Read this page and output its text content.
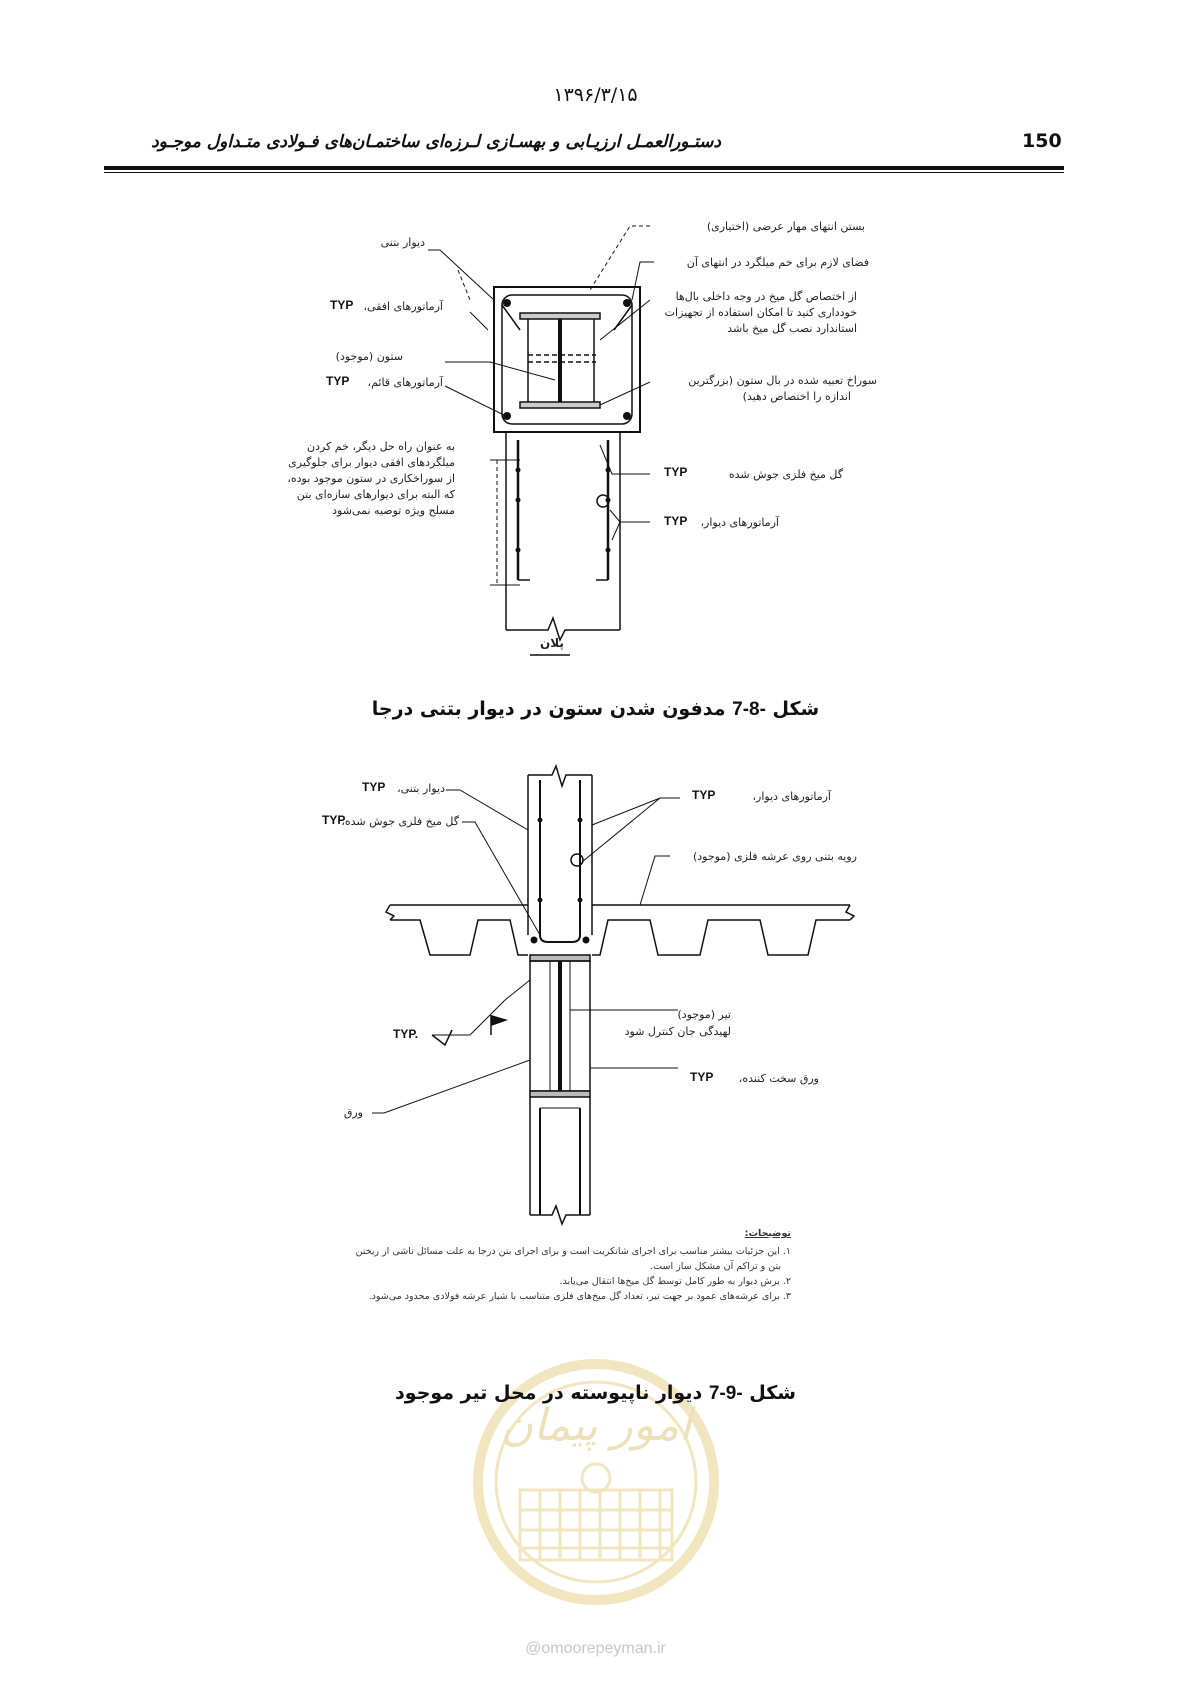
۱۳۹۶/۳/۱۵
دستـورالعمـل ارزیـابی و بهسـازی لـرزه‌ای ساختمـان‌های فـولادی متـداول موجـود	150
امور پیمان
دیوار بتنی
آرماتورهای افقی،
TYP
ستون (موجود)
آرماتورهای قائم،
TYP
به عنوان راه حل دیگر، خم کردن
میلگردهای افقی دیوار برای جلوگیری
از سوراخکاری در ستون موجود بوده،
که البته برای دیوارهای سازه‌ای بتن
مسلح ویژه توصیه نمی‌شود
بستن انتهای مهار عرضی (اختیاری)
فضای لازم برای خم میلگرد در انتهای آن
از اختصاص گل میخ در وجه داخلی بال‌ها
خودداری کنید تا امکان استفاده از تجهیزات
استاندارد نصب گل میخ باشد
سوراخ تعبیه شده در بال ستون (بزرگترین
اندازه را اختصاص دهید)
گل میخ فلزی جوش شده
TYP
آرماتورهای دیوار،
TYP
پلان
شکل 7-8- مدفون شدن ستون در دیوار بتنی درجا
دیوار بتنی،
TYP
گل میخ فلزی جوش شده،
TYP
آرماتورهای دیوار،
TYP
رویه بتنی روی عرشه فلزی (موجود)
تیر (موجود)
لهیدگی جان کنترل شود
ورق سخت کننده،
TYP
TYP.
ورق
توضیحات:
۱. این جزئیات بیشتر مناسب برای اجرای شاتکریت است و برای اجرای بتن درجا به علت مسائل ناشی از ریختن
بتن و تراکم آن مشکل ساز است.
۲. برش دیوار به طور کامل توسط گل میخ‌ها انتقال می‌یابد.
۳. برای عرشه‌های عمود بر جهت تیر، تعداد گل میخ‌های فلزی متناسب با شیار عرشه فولادی محدود می‌شود.
شکل 7-9- دیوار ناپیوسته در محل تیر موجود
@omoorepeyman.ir
